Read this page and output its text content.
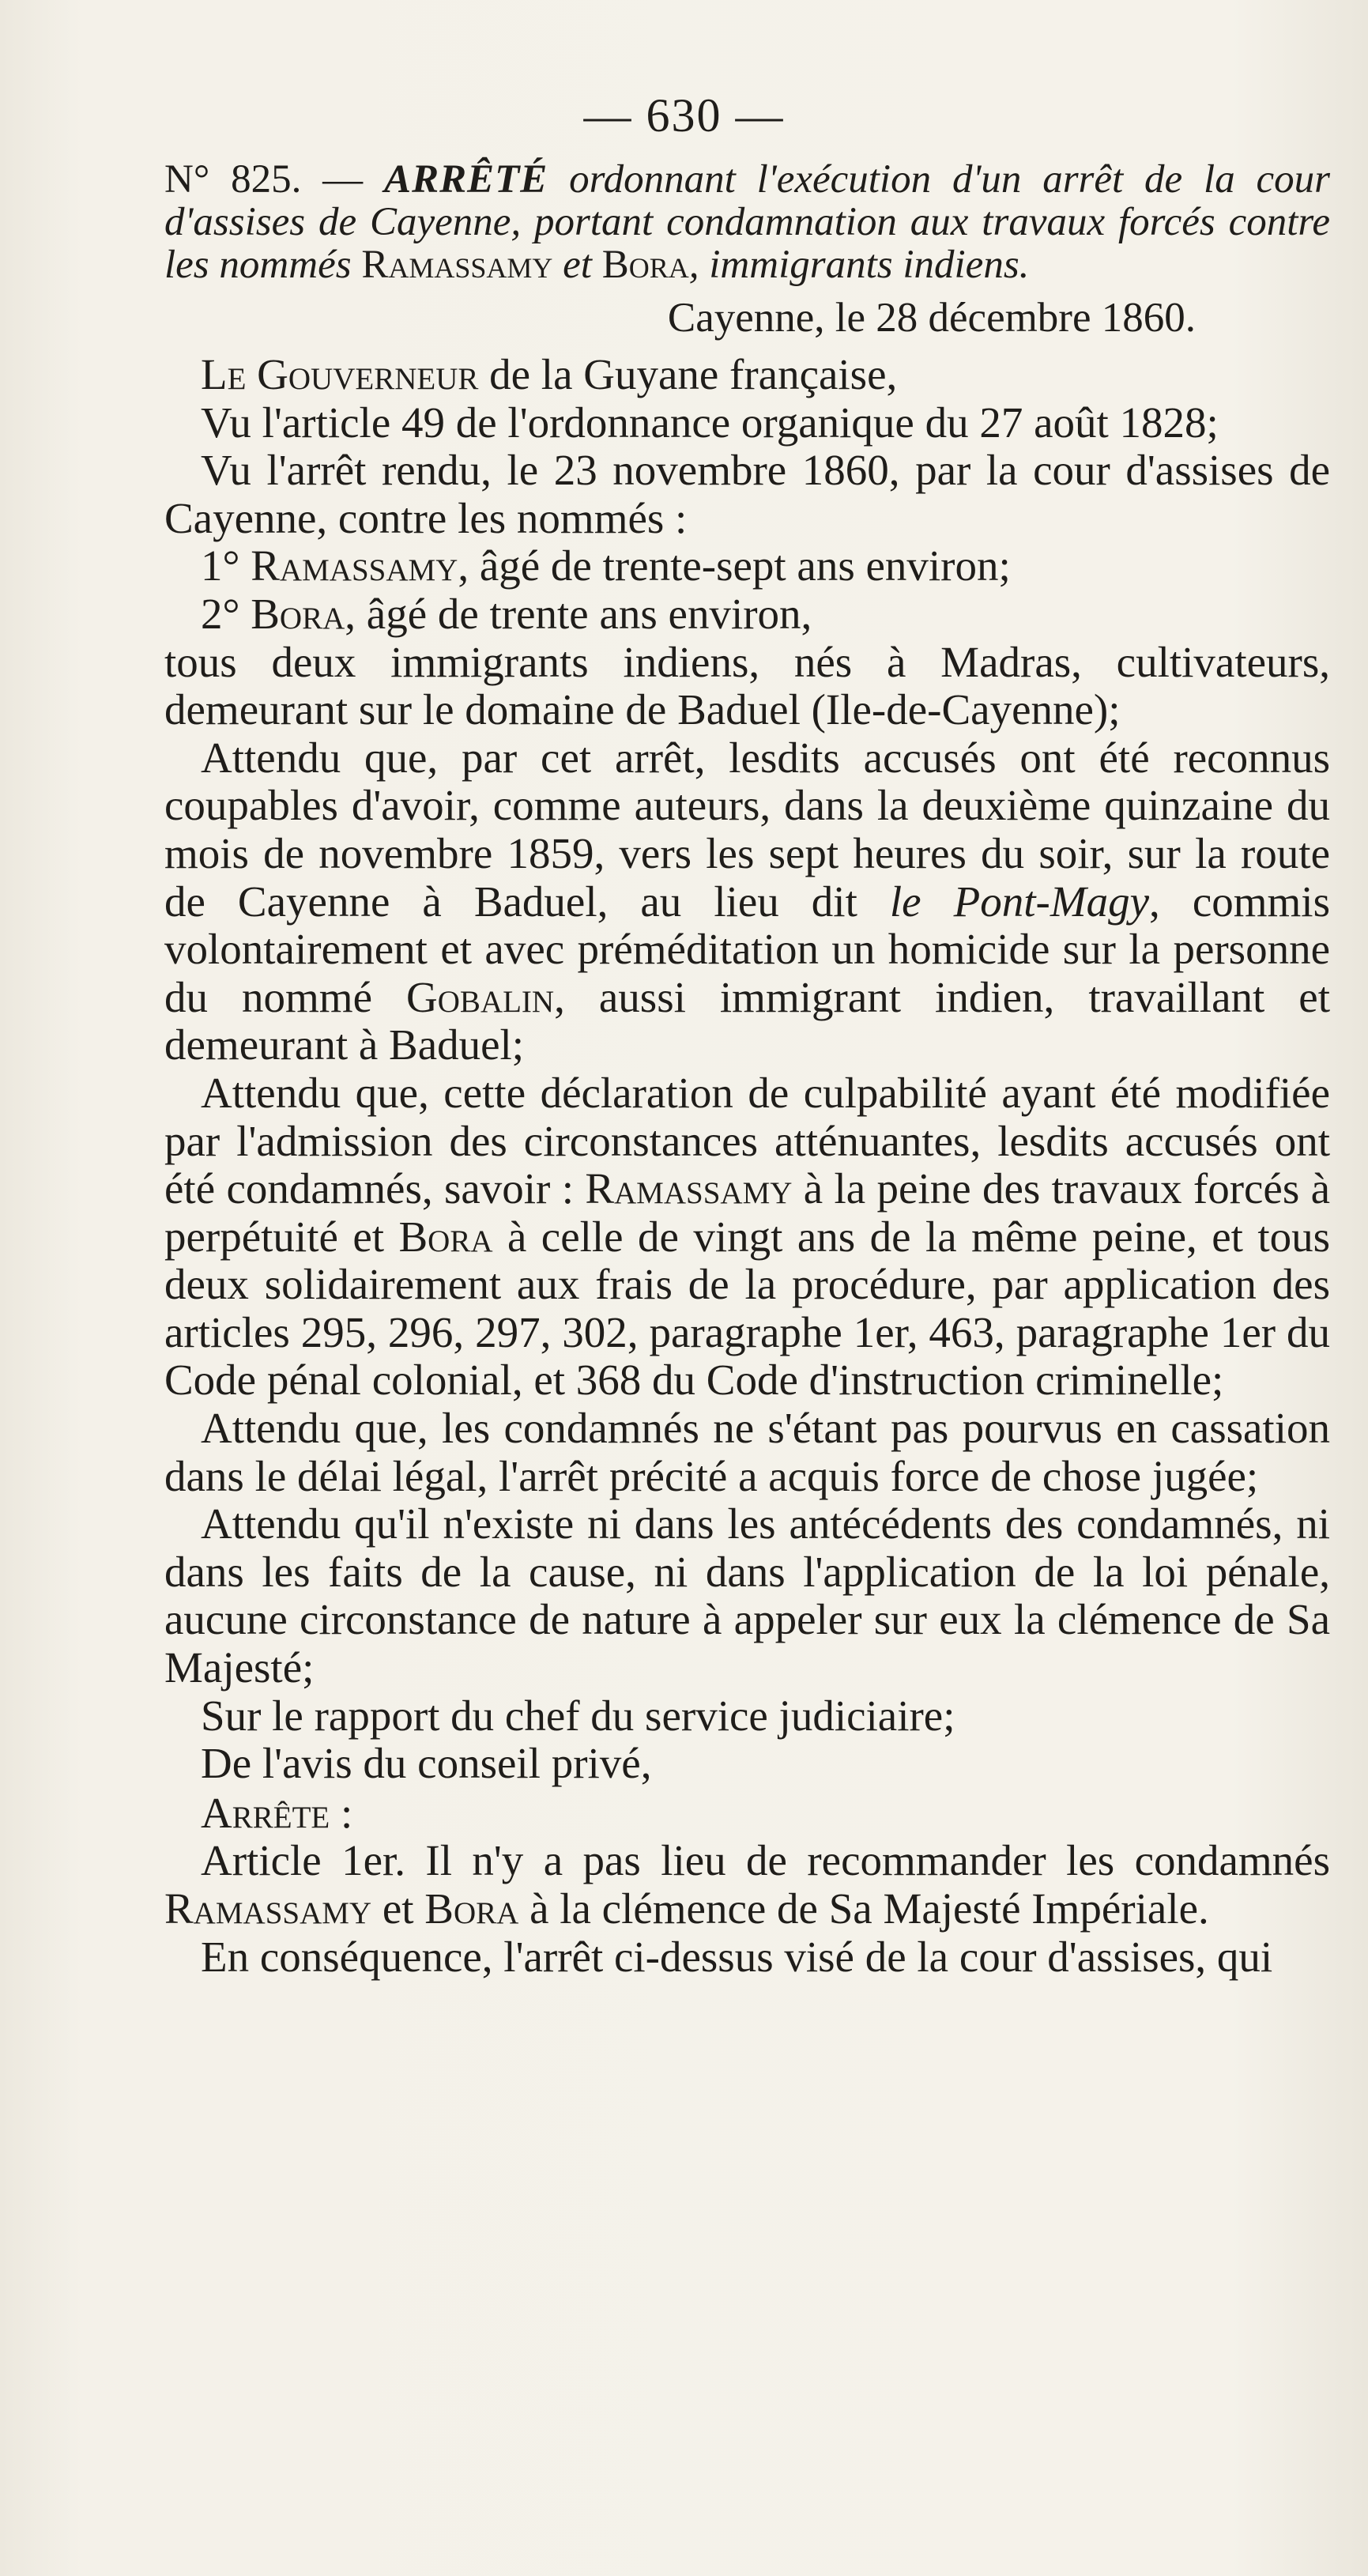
— 630 —

N° 825. — ARRÊTÉ ordonnant l'exécution d'un arrêt de la cour d'assises de Cayenne, portant condamnation aux travaux forcés contre les nommés Ramassamy et Bora, immigrants indiens.

Cayenne, le 28 décembre 1860.

Le Gouverneur de la Guyane française,

Vu l'article 49 de l'ordonnance organique du 27 août 1828;

Vu l'arrêt rendu, le 23 novembre 1860, par la cour d'assises de Cayenne, contre les nommés :

1° Ramassamy, âgé de trente-sept ans environ;

2° Bora, âgé de trente ans environ,

tous deux immigrants indiens, nés à Madras, cultivateurs, demeurant sur le domaine de Baduel (Ile-de-Cayenne);

Attendu que, par cet arrêt, lesdits accusés ont été reconnus coupables d'avoir, comme auteurs, dans la deuxième quinzaine du mois de novembre 1859, vers les sept heures du soir, sur la route de Cayenne à Baduel, au lieu dit le Pont-Magy, commis volontairement et avec préméditation un homicide sur la personne du nommé Gobalin, aussi immigrant indien, travaillant et demeurant à Baduel;

Attendu que, cette déclaration de culpabilité ayant été modifiée par l'admission des circonstances atténuantes, lesdits accusés ont été condamnés, savoir : Ramassamy à la peine des travaux forcés à perpétuité et Bora à celle de vingt ans de la même peine, et tous deux solidairement aux frais de la procédure, par application des articles 295, 296, 297, 302, paragraphe 1er, 463, paragraphe 1er du Code pénal colonial, et 368 du Code d'instruction criminelle;

Attendu que, les condamnés ne s'étant pas pourvus en cassation dans le délai légal, l'arrêt précité a acquis force de chose jugée;

Attendu qu'il n'existe ni dans les antécédents des condamnés, ni dans les faits de la cause, ni dans l'application de la loi pénale, aucune circonstance de nature à appeler sur eux la clémence de Sa Majesté;

Sur le rapport du chef du service judiciaire;

De l'avis du conseil privé,

Arrête :

Article 1er. Il n'y a pas lieu de recommander les condamnés Ramassamy et Bora à la clémence de Sa Majesté Impériale.

En conséquence, l'arrêt ci-dessus visé de la cour d'assises, qui
